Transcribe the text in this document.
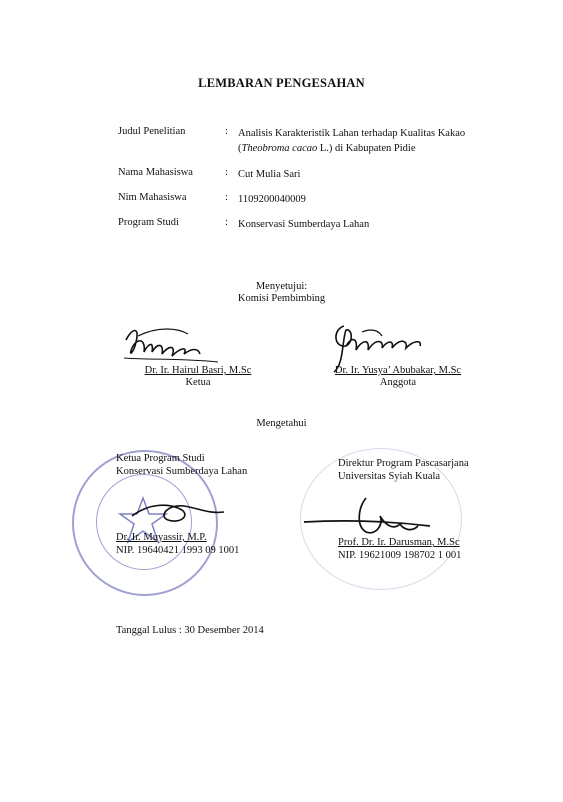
LEMBARAN PENGESAHAN
Judul Penelitian	: Analisis Karakteristik Lahan terhadap Kualitas Kakao
(Theobroma cacao L.) di Kabupaten Pidie
Nama Mahasiswa	: Cut Mulia Sari
Nim Mahasiswa	: 1109200040009
Program Studi	: Konservasi Sumberdaya Lahan
Menyetujui:
Komisi Pembimbing
Dr. Ir. Hairul Basri, M.Sc
Ketua
Dr. Ir. Yusya’ Abubakar, M.Sc
Anggota
Mengetahui
Ketua Program Studi
Konservasi Sumberdaya Lahan
Dr. Ir. Muyassir, M.P.
NIP. 19640421 1993 09 1001
Direktur Program Pascasarjana
Universitas Syiah Kuala
Prof. Dr. Ir. Darusman, M.Sc
NIP. 19621009 198702 1 001
Tanggal Lulus : 30 Desember 2014
